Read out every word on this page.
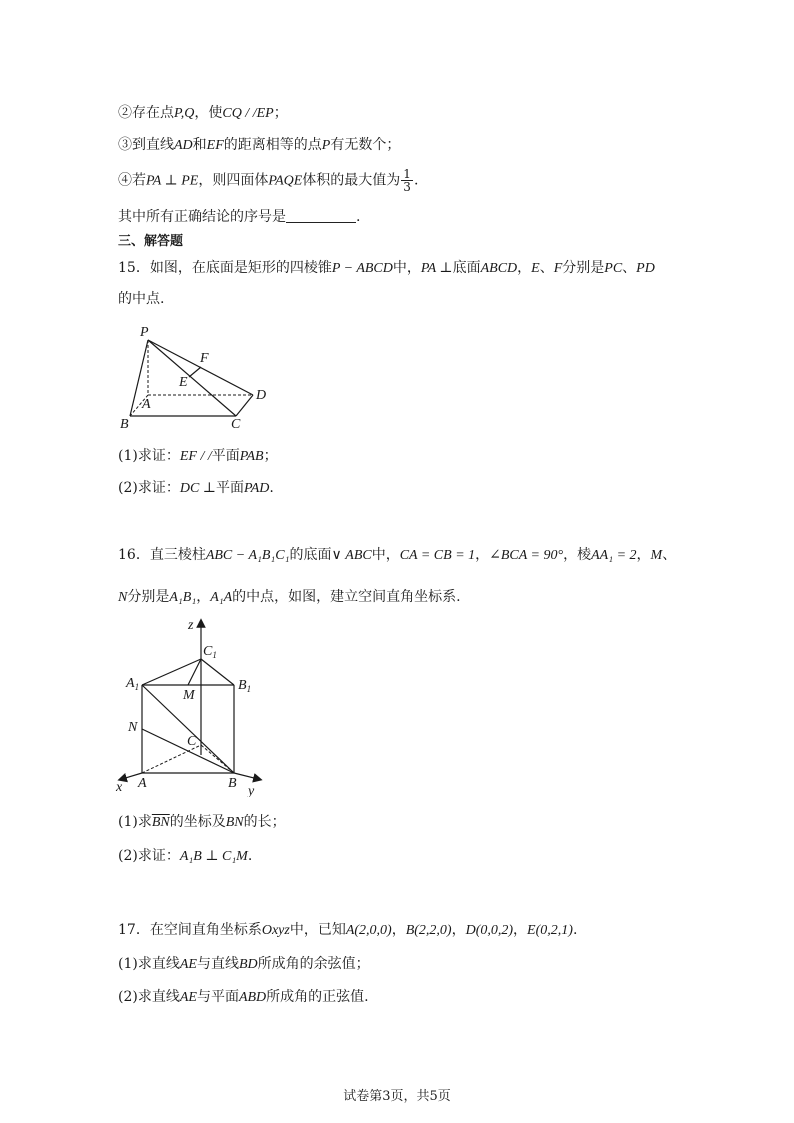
②存在点P,Q，使CQ / /EP；
③到直线AD和EF的距离相等的点P有无数个；
④若PA ⊥ PE，则四面体PAQE体积的最大值为 $\frac{1}{3}$ .
其中所有正确结论的序号是	.
三、解答题
15．如图，在底面是矩形的四棱锥P − ABCD中，PA ⊥底面ABCD，E、F分别是PC、PD
的中点.
P
F
E
A
D
B	C
(1)求证：EF / /平面PAB；
(2)求证：DC ⊥平面PAD.
16．直三棱柱ABC − A₁B₁C₁的底面∨ ABC中，CA = CB = 1，∠BCA = 90°，棱AA₁ = 2，M、
N分别是A₁B₁，A₁A的中点，如图，建立空间直角坐标系.
z
x	y
$C_1$
$A_1$	$B_1$
M
N
C
A	B
(1)求$\overline{BN}$的坐标及BN的长；
(2)求证：A₁B ⊥ C₁M.
17．在空间直角坐标系Oxyz中，已知A(2,0,0)，B(2,2,0)，D(0,0,2)，E(0,2,1).
(1)求直线AE与直线BD所成角的余弦值；
(2)求直线AE与平面ABD所成角的正弦值.
试卷第3页，共5页
